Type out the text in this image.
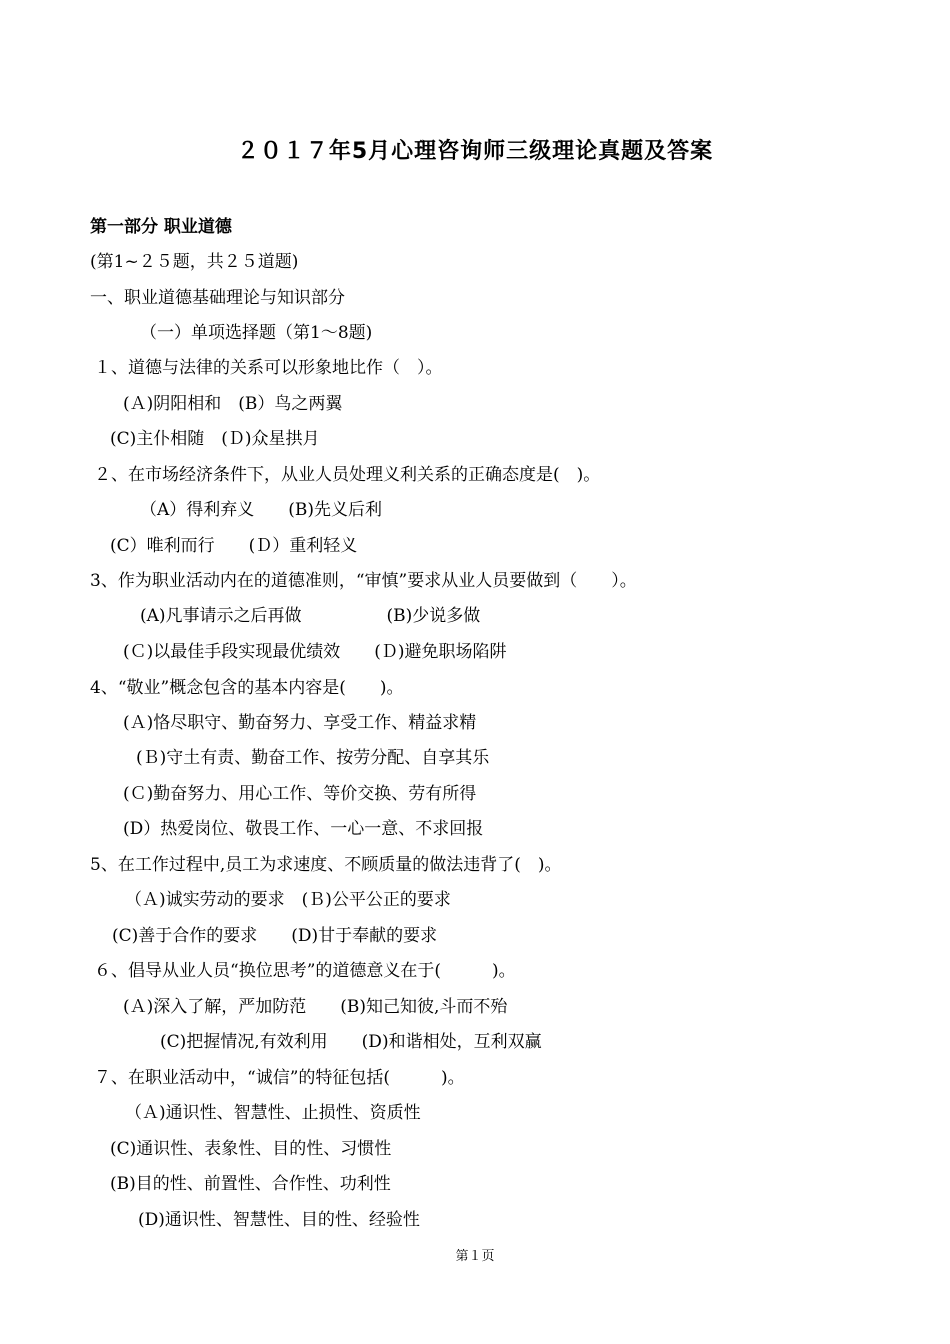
２０１７年5月心理咨询师三级理论真题及答案
第一部分 职业道德
(第1~２５题，共２５道题)
一、职业道德基础理论与知识部分
（一）单项选择题（第1～8题)
１、道德与法律的关系可以形象地比作（　）。
(Ａ)阴阳相和　(B）鸟之两翼
(C)主仆相随　(Ｄ)众星拱月
２、在市场经济条件下，从业人员处理义利关系的正确态度是(　)。
（A）得利弃义　　(B)先义后利
(C）唯利而行　　(Ｄ）重利轻义
3、作为职业活动内在的道德准则，“审慎”要求从业人员要做到（　　）。
(A)凡事请示之后再做　　　　　(B)少说多做
(Ｃ)以最佳手段实现最优绩效　　(Ｄ)避免职场陷阱
4、“敬业”概念包含的基本内容是(　　)。
(Ａ)恪尽职守、勤奋努力、享受工作、精益求精
(Ｂ)守土有责、勤奋工作、按劳分配、自享其乐
(Ｃ)勤奋努力、用心工作、等价交换、劳有所得
(D）热爱岗位、敬畏工作、一心一意、不求回报
5、在工作过程中,员工为求速度、不顾质量的做法违背了(　)。
（Ａ)诚实劳动的要求　(Ｂ)公平公正的要求
(C)善于合作的要求　　(D)甘于奉献的要求
６、倡导从业人员“换位思考”的道德意义在于(　　　)。
(Ａ)深入了解，严加防范　　(B)知己知彼,斗而不殆
(C)把握情况,有效利用　　(D)和谐相处，互利双赢
７、在职业活动中，“诚信”的特征包括(　　　)。
（Ａ)通识性、智慧性、止损性、资质性
(C)通识性、表象性、目的性、习惯性
(B)目的性、前置性、合作性、功利性
(D)通识性、智慧性、目的性、经验性
第１页
